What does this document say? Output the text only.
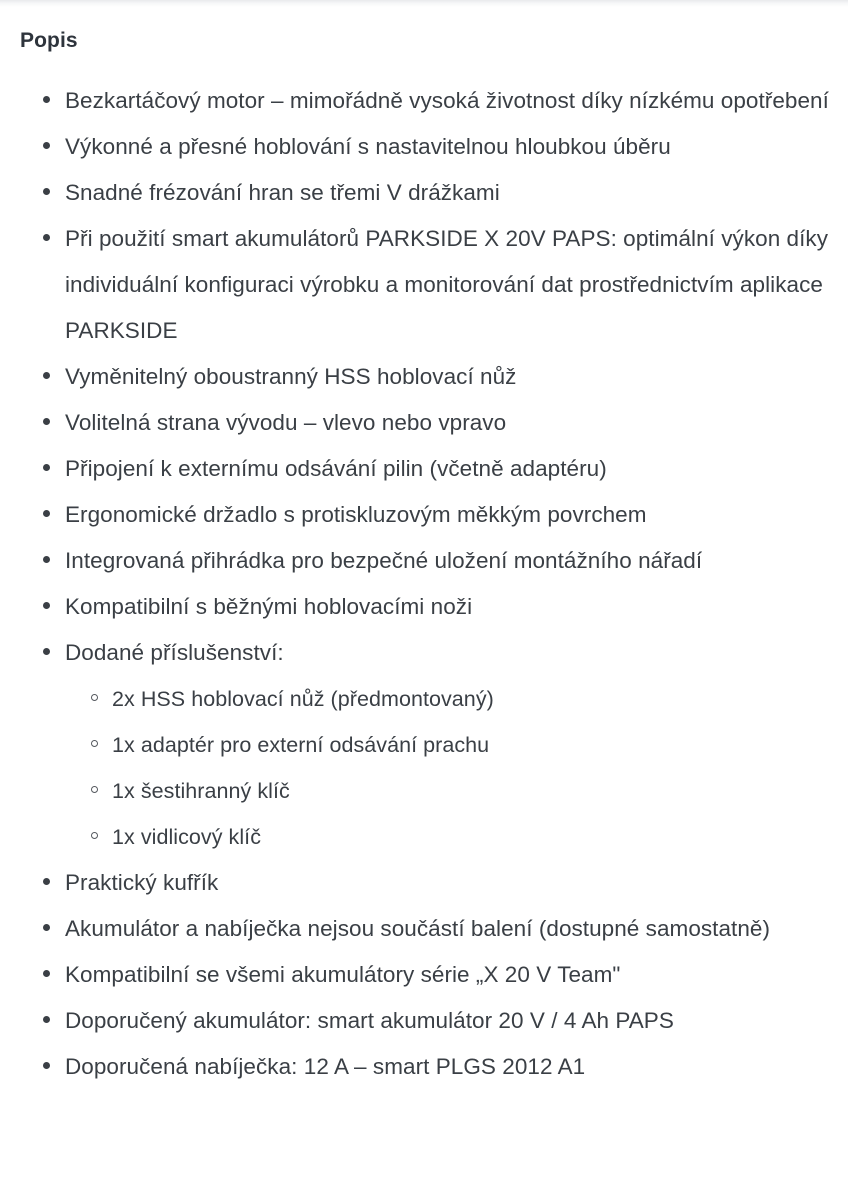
Popis
Bezkartáčový motor – mimořádně vysoká životnost díky nízkému opotřebení
Výkonné a přesné hoblování s nastavitelnou hloubkou úběru
Snadné frézování hran se třemi V drážkami
Při použití smart akumulátorů PARKSIDE X 20V PAPS: optimální výkon díky individuální konfiguraci výrobku a monitorování dat prostřednictvím aplikace PARKSIDE
Vyměnitelný oboustranný HSS hoblovací nůž
Volitelná strana vývodu – vlevo nebo vpravo
Připojení k externímu odsávání pilin (včetně adaptéru)
Ergonomické držadlo s protiskluzovým měkkým povrchem
Integrovaná přihrádka pro bezpečné uložení montážního nářadí
Kompatibilní s běžnými hoblovacími noži
Dodané příslušenství:
2x HSS hoblovací nůž (předmontovaný)
1x adaptér pro externí odsávání prachu
1x šestihranný klíč
1x vidlicový klíč
Praktický kufřík
Akumulátor a nabíječka nejsou součástí balení (dostupné samostatně)
Kompatibilní se všemi akumulátory série „X 20 V Team"
Doporučený akumulátor: smart akumulátor 20 V / 4 Ah PAPS
Doporučená nabíječka: 12 A – smart PLGS 2012 A1
